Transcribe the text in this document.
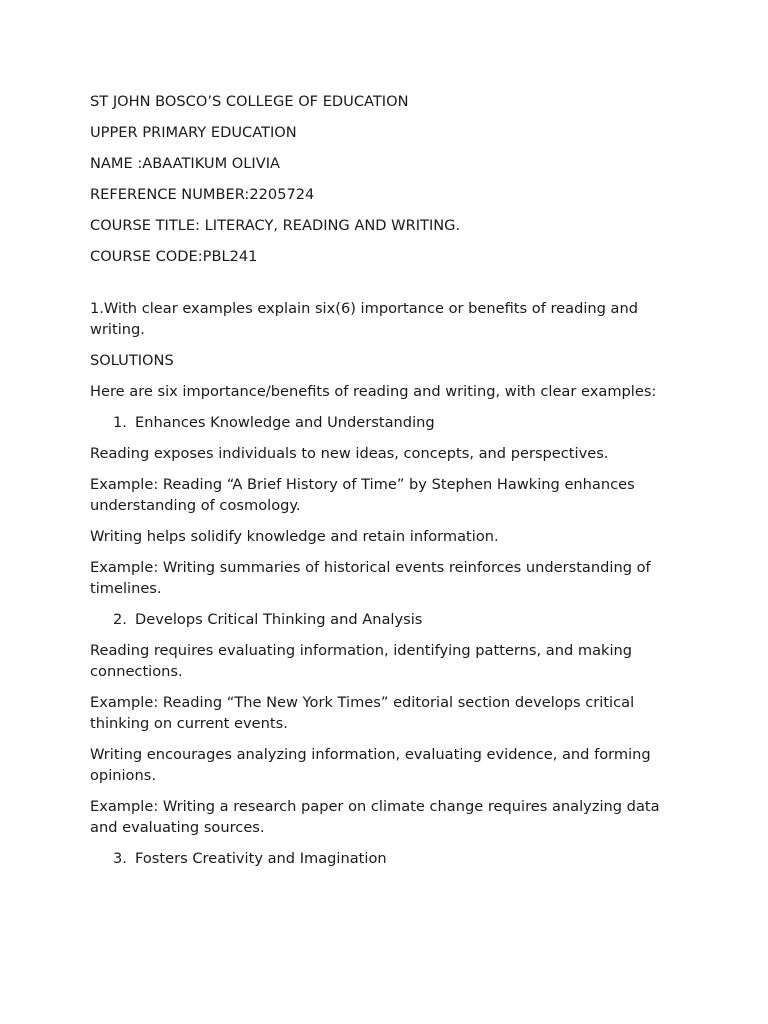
ST JOHN BOSCO’S COLLEGE OF EDUCATION

UPPER PRIMARY EDUCATION

NAME :ABAATIKUM OLIVIA

REFERENCE NUMBER:2205724

COURSE TITLE: LITERACY, READING AND WRITING.

COURSE CODE:PBL241

1.With clear examples explain six(6) importance or benefits of reading and writing.

SOLUTIONS

Here are six importance/benefits of reading and writing, with clear examples:

1. Enhances Knowledge and Understanding

Reading exposes individuals to new ideas, concepts, and perspectives.

Example: Reading “A Brief History of Time” by Stephen Hawking enhances understanding of cosmology.

Writing helps solidify knowledge and retain information.

Example: Writing summaries of historical events reinforces understanding of timelines.

2. Develops Critical Thinking and Analysis

Reading requires evaluating information, identifying patterns, and making connections.

Example: Reading “The New York Times” editorial section develops critical thinking on current events.

Writing encourages analyzing information, evaluating evidence, and forming opinions.

Example: Writing a research paper on climate change requires analyzing data and evaluating sources.

3. Fosters Creativity and Imagination
